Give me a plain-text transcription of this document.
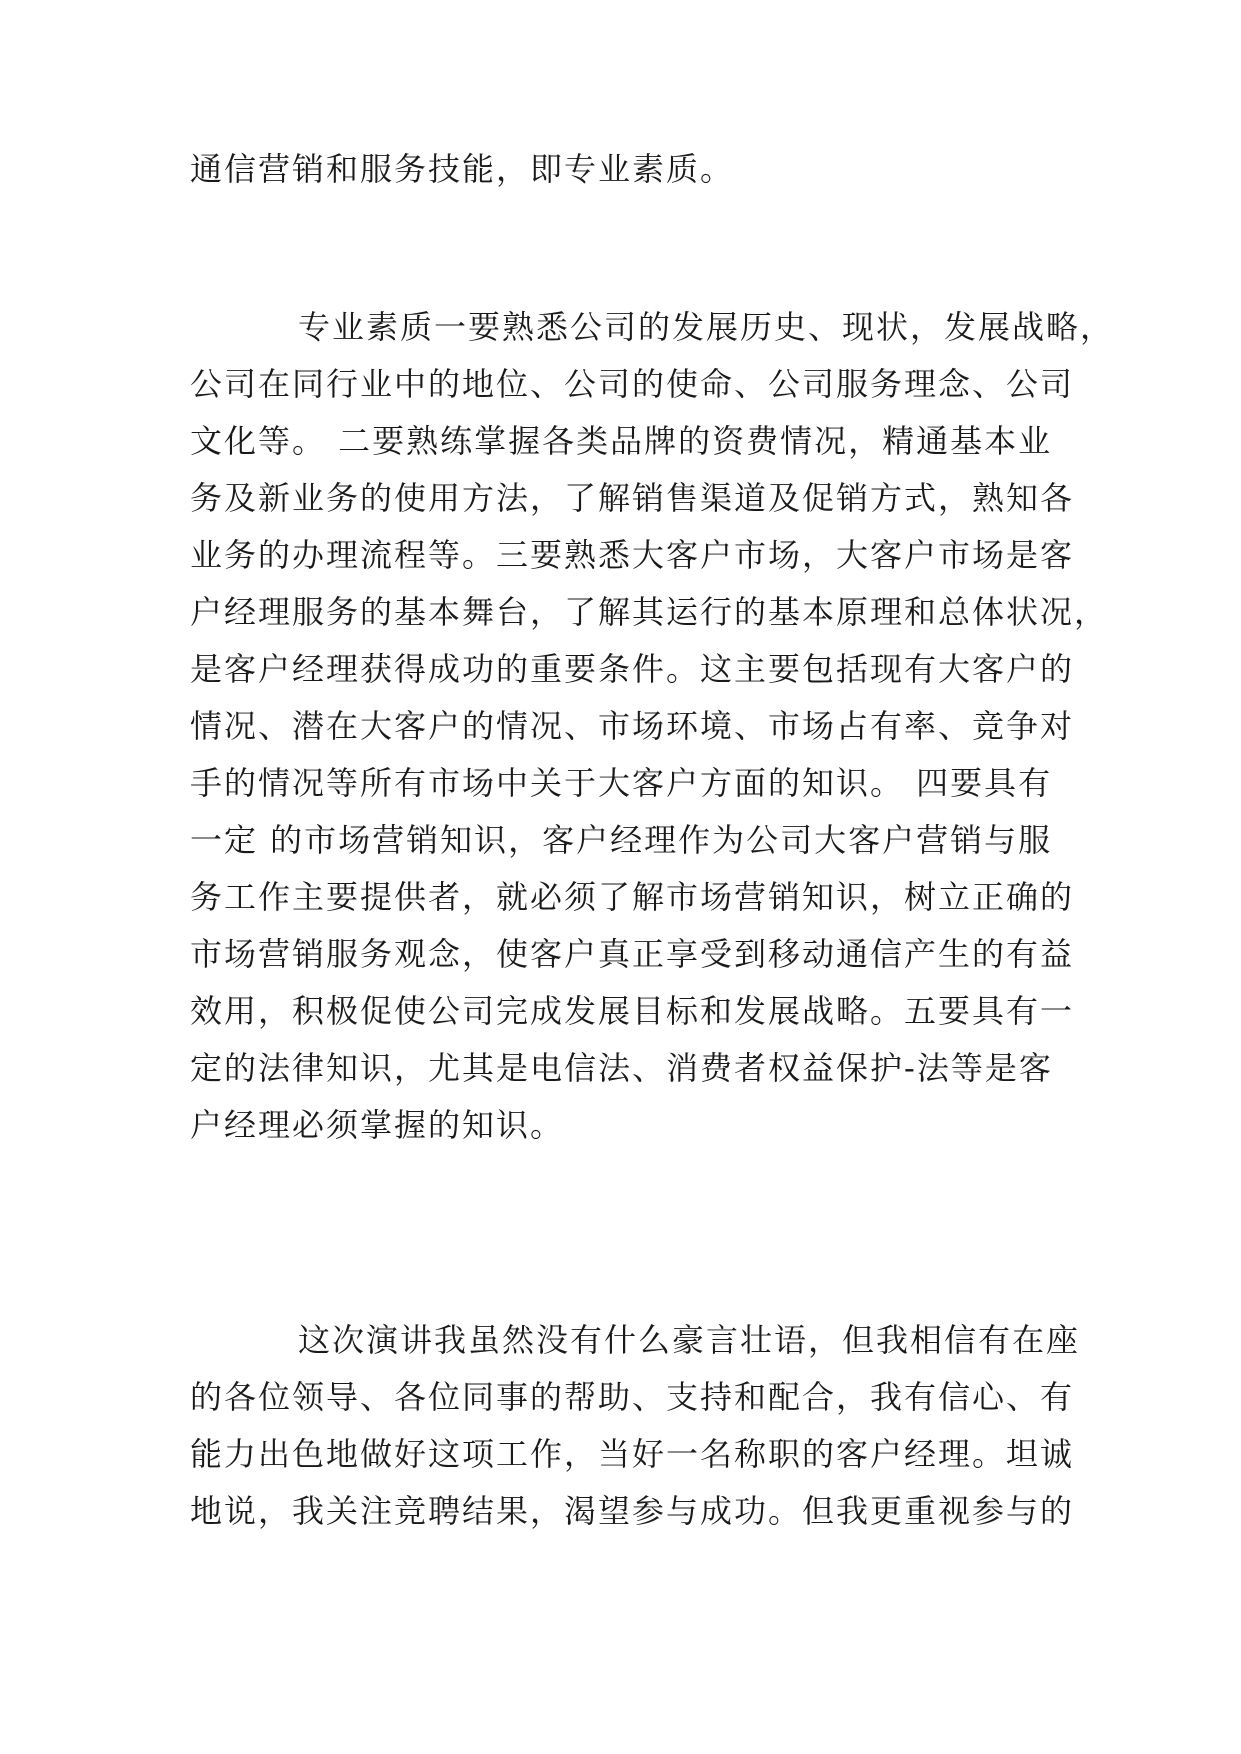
通信营销和服务技能，即专业素质。
专业素质一要熟悉公司的发展历史、现状，发展战略，
公司在同行业中的地位、公司的使命、公司服务理念、公司
文化等。 二要熟练掌握各类品牌的资费情况，精通基本业
务及新业务的使用方法，了解销售渠道及促销方式，熟知各
业务的办理流程等。三要熟悉大客户市场，大客户市场是客
户经理服务的基本舞台，了解其运行的基本原理和总体状况，
是客户经理获得成功的重要条件。这主要包括现有大客户的
情况、潜在大客户的情况、市场环境、市场占有率、竞争对
手的情况等所有市场中关于大客户方面的知识。 四要具有
一定 的市场营销知识，客户经理作为公司大客户营销与服
务工作主要提供者，就必须了解市场营销知识，树立正确的
市场营销服务观念，使客户真正享受到移动通信产生的有益
效用，积极促使公司完成发展目标和发展战略。五要具有一
定的法律知识，尤其是电信法、消费者权益保护-法等是客
户经理必须掌握的知识。
这次演讲我虽然没有什么豪言壮语，但我相信有在座
的各位领导、各位同事的帮助、支持和配合，我有信心、有
能力出色地做好这项工作，当好一名称职的客户经理。坦诚
地说，我关注竞聘结果，渴望参与成功。但我更重视参与的
